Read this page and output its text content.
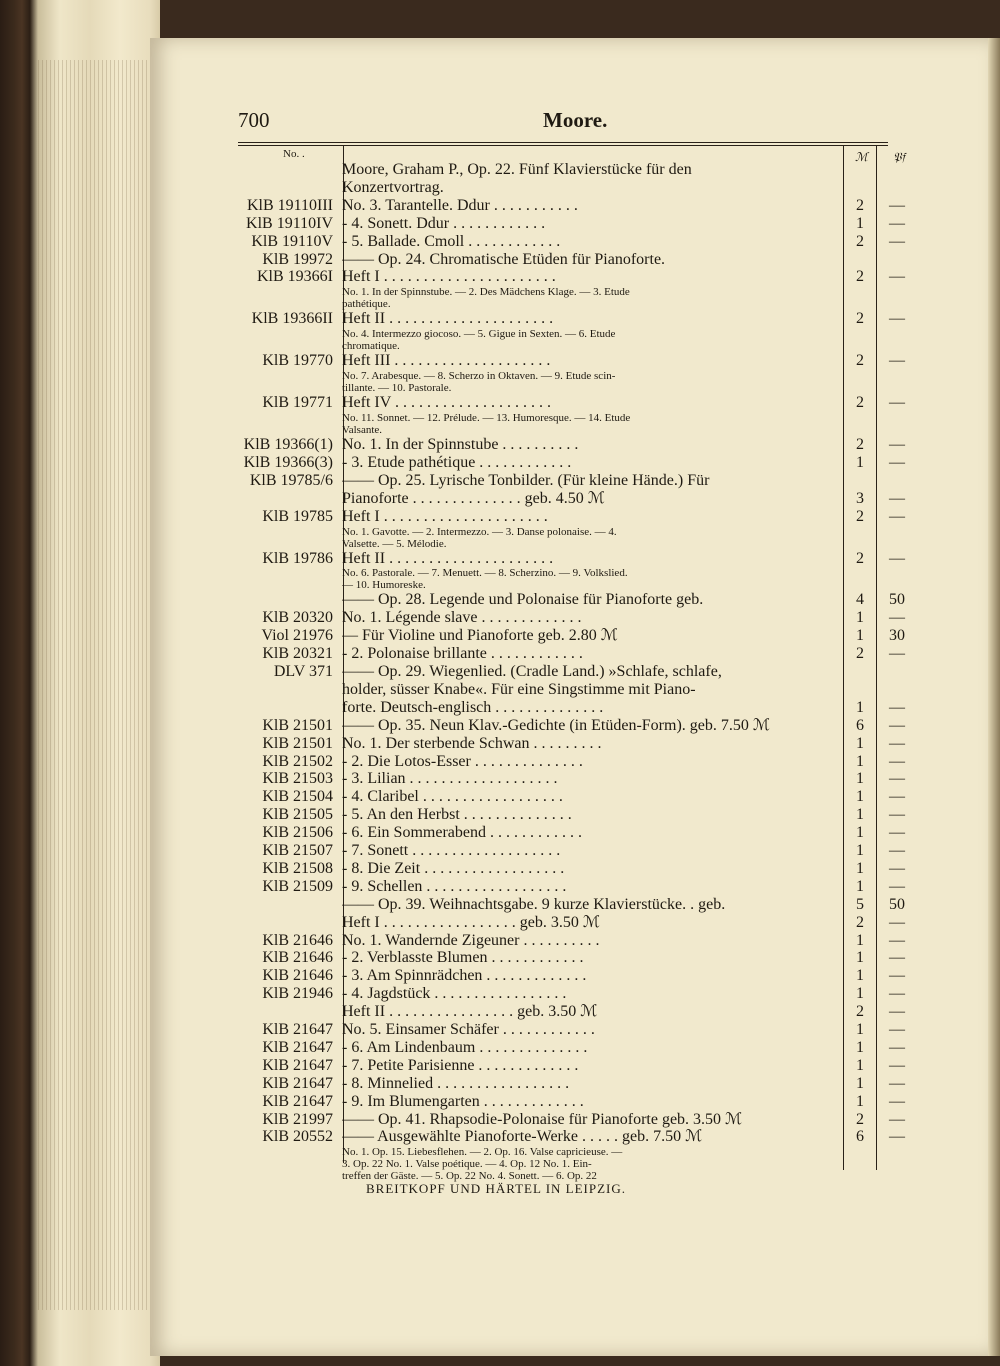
700	Moore.
No. .	ℳ 𝔓𝔣
Moore, Graham P., Op. 22. Fünf Klavierstücke für den
Konzertvortrag.
KlB 19110III No. 3. Tarantelle. Ddur . . . . . . . . . . .	2	—
KlB 19110IV - 4. Sonett. Ddur . . . . . . . . . . . .	1	—
KlB 19110V - 5. Ballade. Cmoll . . . . . . . . . . . .	2	—
KlB 19972 —— Op. 24. Chromatische Etüden für Pianoforte.
KlB 19366I Heft I . . . . . . . . . . . . . . . . . . . . . .	2	—
No. 1. In der Spinnstube. — 2. Des Mädchens Klage. — 3. Etude
pathétique.
KlB 19366II Heft II . . . . . . . . . . . . . . . . . . . . .	2	—
No. 4. Intermezzo giocoso. — 5. Gigue in Sexten. — 6. Etude
chromatique.
KlB 19770 Heft III . . . . . . . . . . . . . . . . . . . .	2	—
No. 7. Arabesque. — 8. Scherzo in Oktaven. — 9. Etude scin-
tillante. — 10. Pastorale.
KlB 19771 Heft IV . . . . . . . . . . . . . . . . . . . .	2	—
No. 11. Sonnet. — 12. Prélude. — 13. Humoresque. — 14. Etude
Valsante.
KlB 19366(1) No. 1. In der Spinnstube . . . . . . . . . .	2	—
KlB 19366(3) - 3. Etude pathétique . . . . . . . . . . . .	1	—
KlB 19785/6 —— Op. 25. Lyrische Tonbilder. (Für kleine Hände.) Für
Pianoforte . . . . . . . . . . . . . . geb. 4.50 ℳ	3	—
KlB 19785 Heft I . . . . . . . . . . . . . . . . . . . . .	2	—
No. 1. Gavotte. — 2. Intermezzo. — 3. Danse polonaise. — 4.
Valsette. — 5. Mélodie.
KlB 19786 Heft II . . . . . . . . . . . . . . . . . . . . .	2	—
No. 6. Pastorale. — 7. Menuett. — 8. Scherzino. — 9. Volkslied.
— 10. Humoreske.
—— Op. 28. Legende und Polonaise für Pianoforte geb.	4	50
KlB 20320 No. 1. Légende slave . . . . . . . . . . . . .	1	—
Viol 21976 — Für Violine und Pianoforte geb. 2.80 ℳ	1	30
KlB 20321 - 2. Polonaise brillante . . . . . . . . . . . .	2	—
DLV 371 —— Op. 29. Wiegenlied. (Cradle Land.) »Schlafe, schlafe,
holder, süsser Knabe«. Für eine Singstimme mit Piano-
forte. Deutsch-englisch . . . . . . . . . . . . . .	1	—
KlB 21501 —— Op. 35. Neun Klav.-Gedichte (in Etüden-Form). geb. 7.50 ℳ	6	—
KlB 21501 No. 1. Der sterbende Schwan . . . . . . . . .	1	—
KlB 21502 - 2. Die Lotos-Esser . . . . . . . . . . . . . .	1	—
KlB 21503 - 3. Lilian . . . . . . . . . . . . . . . . . . .	1	—
KlB 21504 - 4. Claribel . . . . . . . . . . . . . . . . . .	1	—
KlB 21505 - 5. An den Herbst . . . . . . . . . . . . . .	1	—
KlB 21506 - 6. Ein Sommerabend . . . . . . . . . . . .	1	—
KlB 21507 - 7. Sonett . . . . . . . . . . . . . . . . . . .	1	—
KlB 21508 - 8. Die Zeit . . . . . . . . . . . . . . . . . .	1	—
KlB 21509 - 9. Schellen . . . . . . . . . . . . . . . . . .	1	—
—— Op. 39. Weihnachtsgabe. 9 kurze Klavierstücke. . geb.	5	50
Heft I . . . . . . . . . . . . . . . . . geb. 3.50 ℳ	2	—
KlB 21646 No. 1. Wandernde Zigeuner . . . . . . . . . .	1	—
KlB 21646 - 2. Verblasste Blumen . . . . . . . . . . . .	1	—
KlB 21646 - 3. Am Spinnrädchen . . . . . . . . . . . . .	1	—
KlB 21946 - 4. Jagdstück . . . . . . . . . . . . . . . . .	1	—
Heft II . . . . . . . . . . . . . . . . geb. 3.50 ℳ	2	—
KlB 21647 No. 5. Einsamer Schäfer . . . . . . . . . . . .	1	—
KlB 21647 - 6. Am Lindenbaum . . . . . . . . . . . . . .	1	—
KlB 21647 - 7. Petite Parisienne . . . . . . . . . . . . .	1	—
KlB 21647 - 8. Minnelied . . . . . . . . . . . . . . . . .	1	—
KlB 21647 - 9. Im Blumengarten . . . . . . . . . . . . .	1	—
KlB 21997 —— Op. 41. Rhapsodie-Polonaise für Pianoforte geb. 3.50 ℳ	2	—
KlB 20552 —— Ausgewählte Pianoforte-Werke . . . . . geb. 7.50 ℳ	6	—
No. 1. Op. 15. Liebesflehen. — 2. Op. 16. Valse capricieuse. —
3. Op. 22 No. 1. Valse poétique. — 4. Op. 12 No. 1. Ein-
treffen der Gäste. — 5. Op. 22 No. 4. Sonett. — 6. Op. 22
BREITKOPF UND HÄRTEL IN LEIPZIG.
